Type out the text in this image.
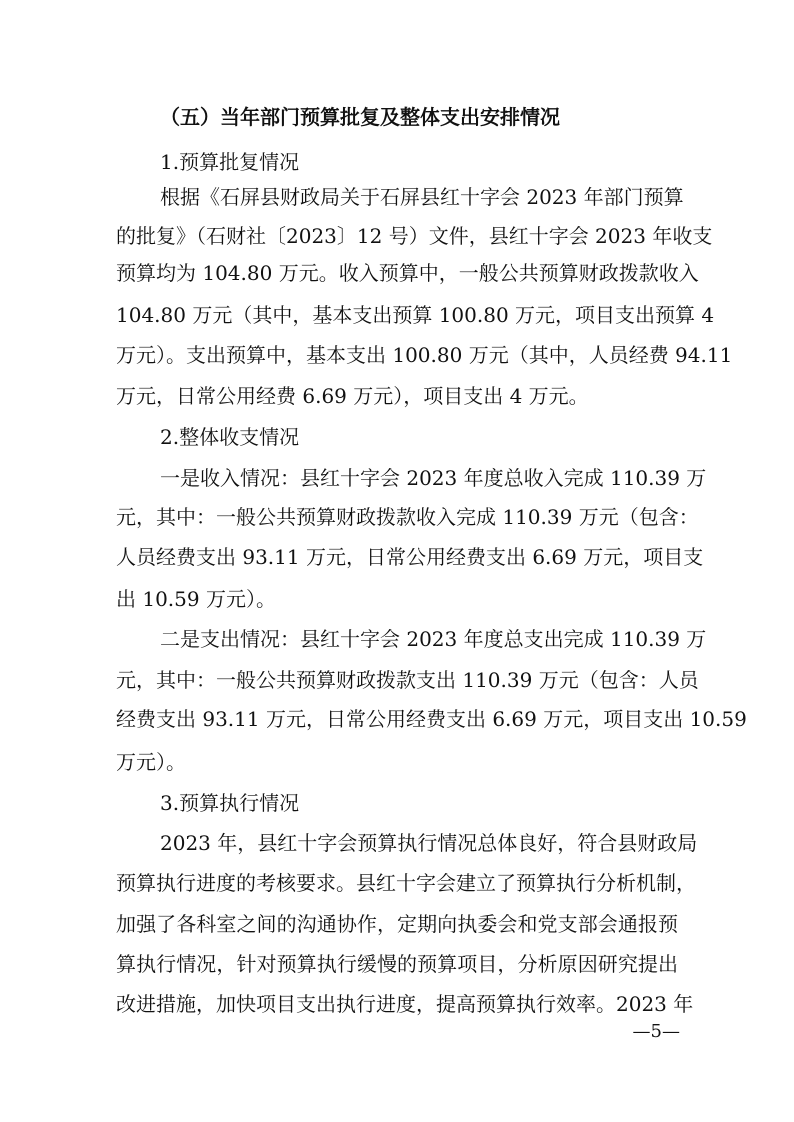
（五）当年部门预算批复及整体支出安排情况
1.预算批复情况
根据《石屏县财政局关于石屏县红十字会 2023 年部门预算
的批复》（石财社〔2023〕12 号）文件，县红十字会 2023 年收支
预算均为 104.80 万元。收入预算中，一般公共预算财政拨款收入
104.80 万元（其中，基本支出预算 100.80 万元，项目支出预算 4
万元）。支出预算中，基本支出 100.80 万元（其中，人员经费 94.11
万元，日常公用经费 6.69 万元），项目支出 4 万元。
2.整体收支情况
一是收入情况：县红十字会 2023 年度总收入完成 110.39 万
元，其中：一般公共预算财政拨款收入完成 110.39 万元（包含：
人员经费支出 93.11 万元，日常公用经费支出 6.69 万元，项目支
出 10.59 万元）。
二是支出情况：县红十字会 2023 年度总支出完成 110.39 万
元，其中：一般公共预算财政拨款支出 110.39 万元（包含：人员
经费支出 93.11 万元，日常公用经费支出 6.69 万元，项目支出 10.59
万元）。
3.预算执行情况
2023 年，县红十字会预算执行情况总体良好，符合县财政局
预算执行进度的考核要求。县红十字会建立了预算执行分析机制，
加强了各科室之间的沟通协作，定期向执委会和党支部会通报预
算执行情况，针对预算执行缓慢的预算项目，分析原因研究提出
改进措施，加快项目支出执行进度，提高预算执行效率。2023 年
—5—
